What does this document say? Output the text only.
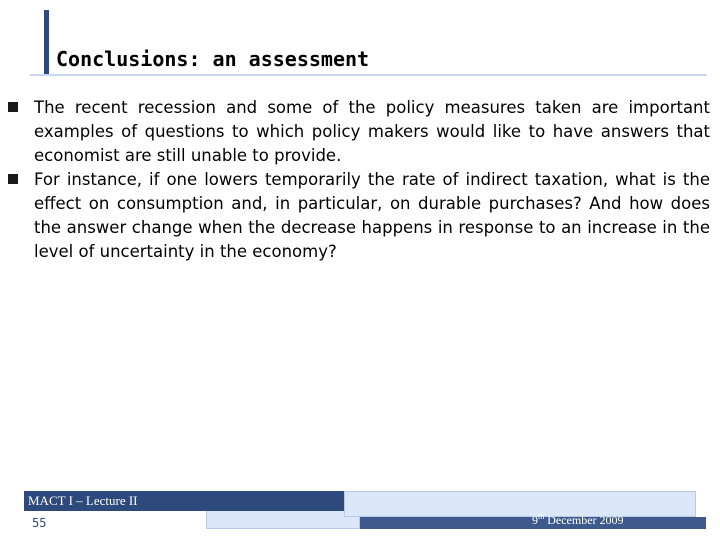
Conclusions: an assessment
The recent recession and some of the policy measures taken are important examples of questions to which policy makers would like to have answers that economist are still unable to provide.
For instance, if one lowers temporarily the rate of indirect taxation, what is the effect on consumption and, in particular, on durable purchases? And how does the answer change when the decrease happens in response to an increase in the level of uncertainty in the economy?
MACT I – Lecture II
55	9th December 2009
